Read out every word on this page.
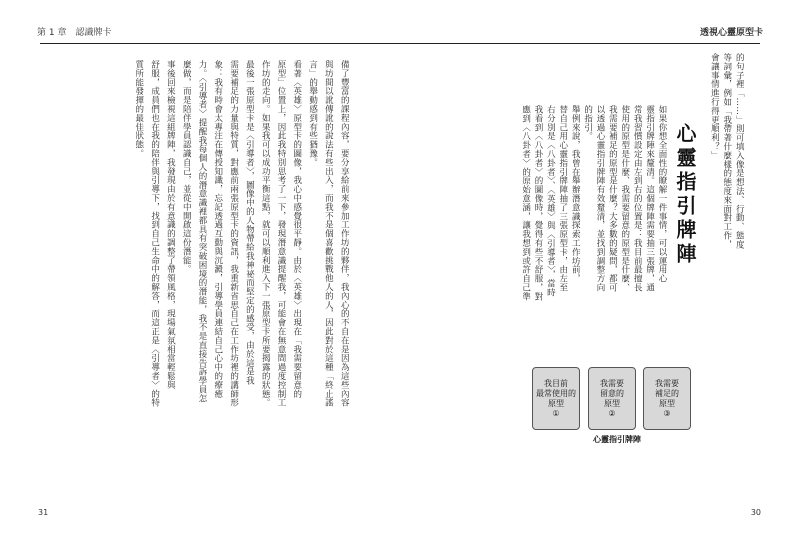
第 1 章　認識牌卡	透視心靈原型卡
備了豐富的課程內容，要分享給前來參加工作坊的夥伴，我內心的不自在是因為這些內容
與坊間以訛傳訛的說法有些出入，而我不是個喜歡挑戰他人的人，因此對於這種「終止謠
言」的舉動感到有些猶豫。
看著〈英雄〉原型卡的圖像，我心中感覺很平靜。由於〈英雄〉出現在「我需要留意的
原型」位置上，因此我特別思考了一下，發現潛意識提醒我，可能會在無意間過度控制工
作坊的走向。如果我可以成功平衡這點，就可以順利進入下一張原型卡所要揭露的狀態。
最後一張原型卡是〈引導者〉，圖像中的人物帶給我神祕而堅定的感受，由於這是我
需要補足的力量與特質，對應前兩張原型卡的資訊，我重新省思自己在工作坊裡的講師形
象：我有時會太專注在傳授知識，忘記透過互動與沉澱，引導學員連結自己心中的療癒
力。〈引導者〉提醒我每個人的潛意識裡都具有突破困境的潛能，我不是直接告訴學員怎
麼做，而是陪伴學員認識自己，並從中開啟這份潛能。
事後回來檢視這組牌陣，我發現由於有意識的調整了帶領風格，現場氣氛相當輕鬆與
舒服，成員們也在我的陪伴與引導下，找到自己生命中的解答，而這正是〈引導者〉的特
質所能發揮的最佳狀態。	的句子裡「……」則可填入像是想法、行動、態度
等詞彙，例如「我帶著什麼樣的態度來面對工作，
會讓事情進行得更順利？」
如果你想全面性的瞭解一件事情，可以運用心
靈指引牌陣來釐清。這個牌陣需要抽三張牌，通
常我習慣設定由左到右的位置是：我目前最擅長
使用的原型是什麼、我需要留意的原型是什麼、
我需要補足的原型是什麼？大多數的疑問，都可
以透過心靈指引牌陣有效釐清，並找到調整方向
的指引。
舉例來說，我曾在舉辦潛意識探索工作坊前，
替自己用心靈指引牌陣抽了三張原型卡，由左至
右分別是〈八卦者〉、〈英雄〉與〈引導者〉，當時
我看到〈八卦者〉的圖像時，覺得有些不舒服，對
應到〈八卦者〉的原始意涵，讓我想到或許自己準	心靈指引牌陣
我目前
最常使用的
原型
①
我需要
留意的
原型
②
我需要
補足的
原型
③
心靈指引牌陣
31	30
